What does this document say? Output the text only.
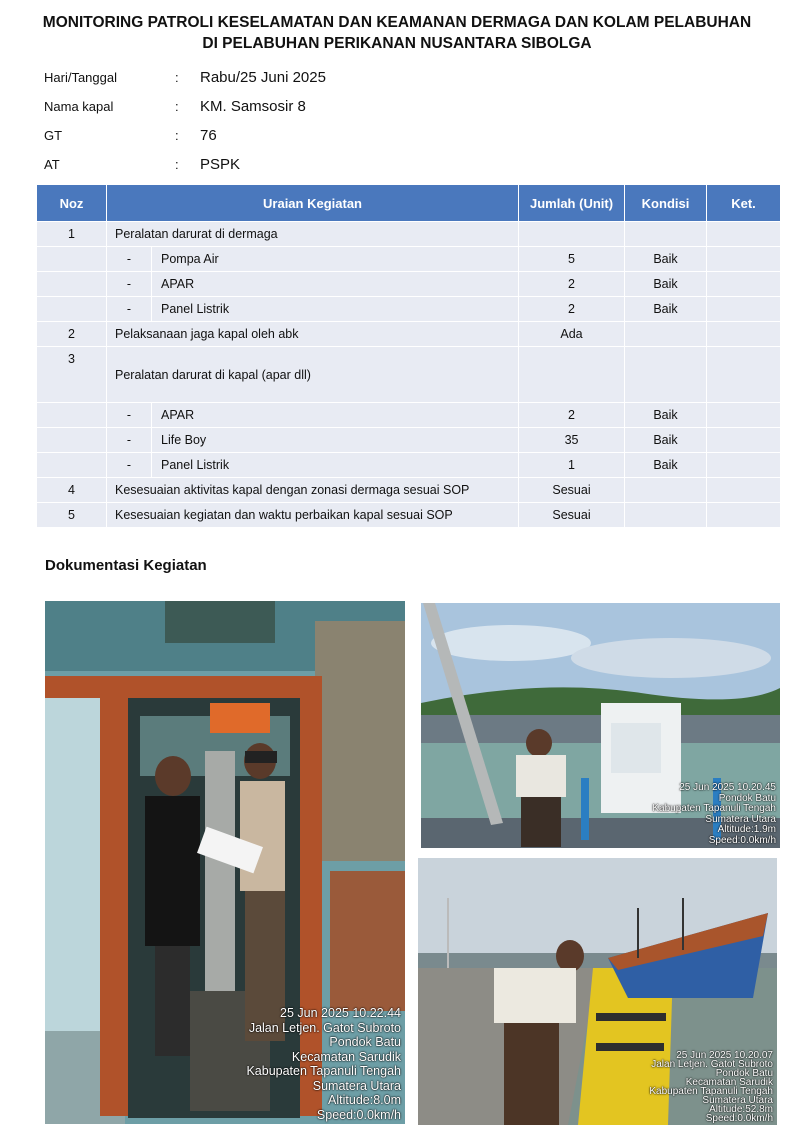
MONITORING PATROLI KESELAMATAN DAN KEAMANAN DERMAGA DAN KOLAM PELABUHAN
DI PELABUHAN PERIKANAN NUSANTARA SIBOLGA
Hari/Tanggal	: Rabu/25 Juni 2025
Nama kapal	: KM. Samsosir 8
GT	: 76
AT	: PSPK
Noz	Uraian Kegiatan		Jumlah (Unit)	Kondisi	Ket.
1	Peralatan darurat di dermaga				
	-	Pompa Air	5	Baik	
	-	APAR	2	Baik	
	-	Panel Listrik	2	Baik	
2	Pelaksanaan jaga kapal oleh abk		Ada		
3	Peralatan darurat di kapal (apar dll)				
	-	APAR	2	Baik	
	-	Life Boy	35	Baik	
	-	Panel Listrik	1	Baik	
4	Kesesuaian aktivitas kapal dengan zonasi dermaga sesuai SOP		Sesuai		
5	Kesesuaian kegiatan dan waktu perbaikan kapal sesuai SOP		Sesuai		
Dokumentasi Kegiatan
25 Jun 2025 10.22.44
Jalan Letjen. Gatot Subroto
Pondok Batu
Kecamatan Sarudik
Kabupaten Tapanuli Tengah
Sumatera Utara
Altitude:8.0m
Speed:0.0km/h
25 Jun 2025 10.20.45
Pondok Batu
Kabupaten Tapanuli Tengah
Sumatera Utara
Altitude:1.9m
Speed:0.0km/h
25 Jun 2025 10.20.07
Jalan Letjen. Gatot Subroto
Pondok Batu
Kecamatan Sarudik
Kabupaten Tapanuli Tengah
Sumatera Utara
Altitude:52.8m
Speed:0.0km/h
